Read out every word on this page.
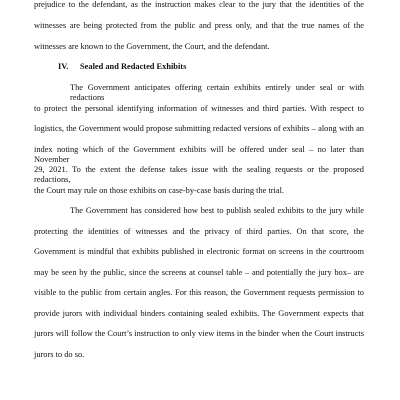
prejudice to the defendant, as the instruction makes clear to the jury that the identities of the
witnesses are being protected from the public and press only, and that the true names of the
witnesses are known to the Government, the Court, and the defendant.
IV. Sealed and Redacted Exhibits
The Government anticipates offering certain exhibits entirely under seal or with redactions
to protect the personal identifying information of witnesses and third parties. With respect to
logistics, the Government would propose submitting redacted versions of exhibits – along with an
index noting which of the Government exhibits will be offered under seal – no later than November
29, 2021. To the extent the defense takes issue with the sealing requests or the proposed redactions,
the Court may rule on those exhibits on case-by-case basis during the trial.
The Government has considered how best to publish sealed exhibits to the jury while
protecting the identities of witnesses and the privacy of third parties. On that score, the
Government is mindful that exhibits published in electronic format on screens in the courtroom
may be seen by the public, since the screens at counsel table – and potentially the jury box– are
visible to the public from certain angles. For this reason, the Government requests permission to
provide jurors with individual binders containing sealed exhibits. The Government expects that
jurors will follow the Court’s instruction to only view items in the binder when the Court instructs
jurors to do so.
